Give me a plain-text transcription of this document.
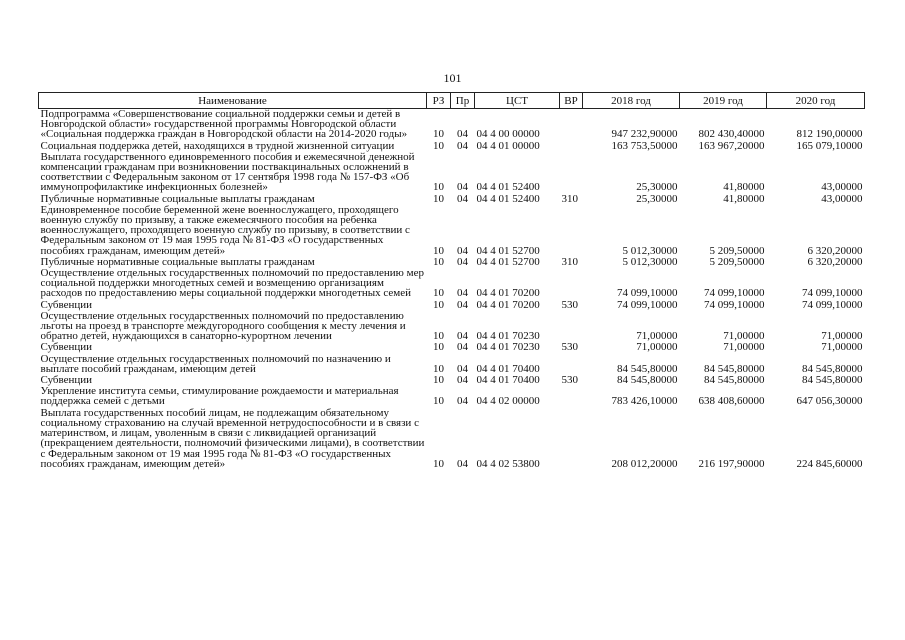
101
Наименование	РЗ	Пр	ЦСТ	ВР	2018 год	2019 год	2020 год
Подпрограмма «Совершенствование социальной поддержки семьи и детей в Новгородской области» государственной программы Новгородской области «Социальная поддержка граждан в Новгородской области на 2014-2020 годы»	10	04	04 4 00 00000		947 232,90000	802 430,40000	812 190,00000
Социальная поддержка детей, находящихся в трудной жизненной ситуации	10	04	04 4 01 00000		163 753,50000	163 967,20000	165 079,10000
Выплата государственного единовременного пособия и ежемесячной денежной компенсации гражданам при возникновении поствакцинальных осложнений в соответствии с Федеральным законом от 17 сентября 1998 года № 157-ФЗ «Об иммунопрофилактике инфекционных болезней»	10	04	04 4 01 52400		25,30000	41,80000	43,00000
Публичные нормативные социальные выплаты гражданам	10	04	04 4 01 52400	310	25,30000	41,80000	43,00000
Единовременное пособие беременной жене военнослужащего, проходящего военную службу по призыву, а также ежемесячного пособия на ребенка военнослужащего, проходящего военную службу по призыву, в соответствии с Федеральным законом от 19 мая 1995 года № 81-ФЗ «О государственных пособиях гражданам, имеющим детей»	10	04	04 4 01 52700		5 012,30000	5 209,50000	6 320,20000
Публичные нормативные социальные выплаты гражданам	10	04	04 4 01 52700	310	5 012,30000	5 209,50000	6 320,20000
Осуществление отдельных государственных полномочий по предоставлению мер социальной поддержки многодетных семей и возмещению организациям расходов по предоставлению меры социальной поддержки многодетных семей	10	04	04 4 01 70200		74 099,10000	74 099,10000	74 099,10000
Субвенции	10	04	04 4 01 70200	530	74 099,10000	74 099,10000	74 099,10000
Осуществление отдельных государственных полномочий по предоставлению льготы на проезд в транспорте междугородного сообщения к месту лечения и обратно детей, нуждающихся в санаторно-курортном лечении	10	04	04 4 01 70230		71,00000	71,00000	71,00000
Субвенции	10	04	04 4 01 70230	530	71,00000	71,00000	71,00000
Осуществление отдельных государственных полномочий по назначению и выплате пособий гражданам, имеющим детей	10	04	04 4 01 70400		84 545,80000	84 545,80000	84 545,80000
Субвенции	10	04	04 4 01 70400	530	84 545,80000	84 545,80000	84 545,80000
Укрепление института семьи, стимулирование рождаемости и материальная поддержка семей с детьми	10	04	04 4 02 00000		783 426,10000	638 408,60000	647 056,30000
Выплата государственных пособий лицам, не подлежащим обязательному социальному страхованию на случай временной нетрудоспособности и в связи с материнством, и лицам, уволенным в связи с ликвидацией организаций (прекращением деятельности, полномочий физическими лицами), в соответствии с Федеральным законом от 19 мая 1995 года № 81-ФЗ «О государственных пособиях гражданам, имеющим детей»	10	04	04 4 02 53800		208 012,20000	216 197,90000	224 845,60000
